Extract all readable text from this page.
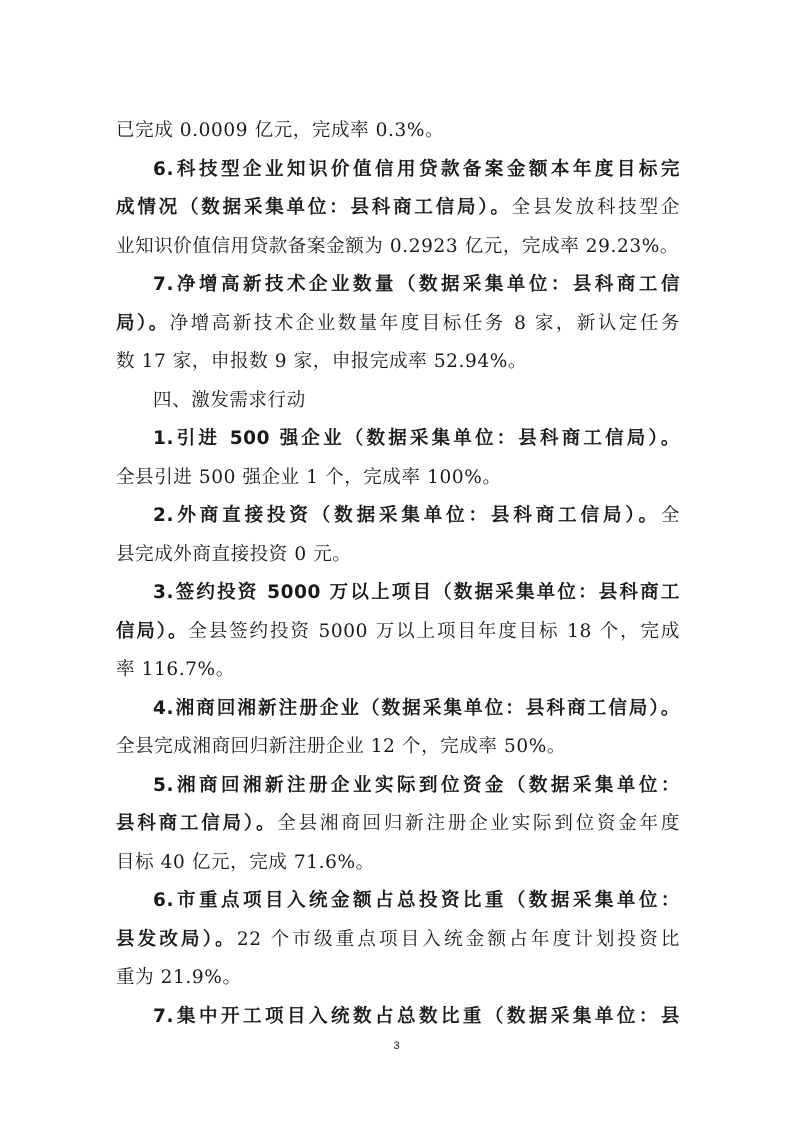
已完成 0.0009 亿元，完成率 0.3%。
6.科技型企业知识价值信用贷款备案金额本年度目标完
成情况（数据采集单位：县科商工信局）。全县发放科技型企
业知识价值信用贷款备案金额为 0.2923 亿元，完成率 29.23%。
7.净增高新技术企业数量（数据采集单位：县科商工信
局）。净增高新技术企业数量年度目标任务 8 家，新认定任务
数 17 家，申报数 9 家，申报完成率 52.94%。
四、激发需求行动
1.引进 500 强企业（数据采集单位：县科商工信局）。
全县引进 500 强企业 1 个，完成率 100%。
2.外商直接投资（数据采集单位：县科商工信局）。全
县完成外商直接投资 0 元。
3.签约投资 5000 万以上项目（数据采集单位：县科商工
信局）。全县签约投资 5000 万以上项目年度目标 18 个，完成
率 116.7%。
4.湘商回湘新注册企业（数据采集单位：县科商工信局）。
全县完成湘商回归新注册企业 12 个，完成率 50%。
5.湘商回湘新注册企业实际到位资金（数据采集单位：
县科商工信局）。全县湘商回归新注册企业实际到位资金年度
目标 40 亿元，完成 71.6%。
6.市重点项目入统金额占总投资比重（数据采集单位：
县发改局）。22 个市级重点项目入统金额占年度计划投资比
重为 21.9%。
7.集中开工项目入统数占总数比重（数据采集单位：县
3
